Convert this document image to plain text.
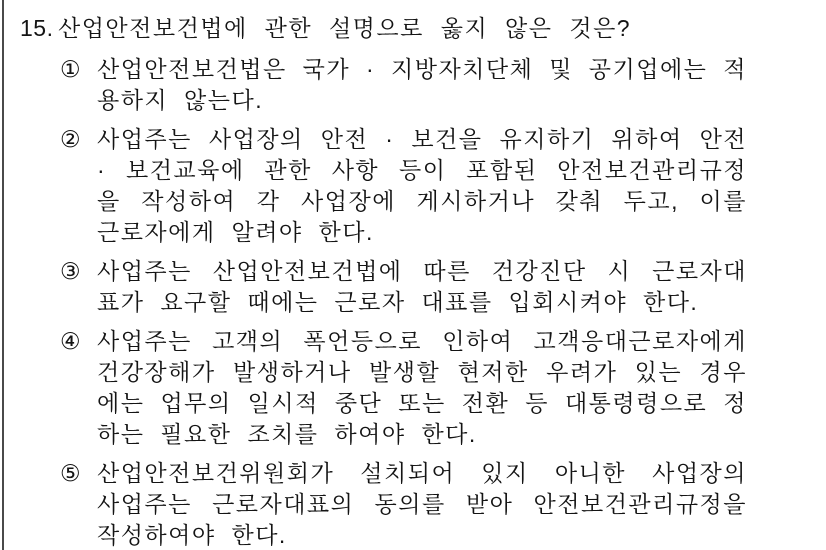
15. 산업안전보건법에 관한 설명으로 옳지 않은 것은?
① 산업안전보건법은 국가 · 지방자치단체 및 공기업에는 적
용하지 않는다.
② 사업주는 사업장의 안전 · 보건을 유지하기 위하여 안전
· 보건교육에 관한 사항 등이 포함된 안전보건관리규정
을 작성하여 각 사업장에 게시하거나 갖춰 두고, 이를
근로자에게 알려야 한다.
③ 사업주는 산업안전보건법에 따른 건강진단 시 근로자대
표가 요구할 때에는 근로자 대표를 입회시켜야 한다.
④ 사업주는 고객의 폭언등으로 인하여 고객응대근로자에게
건강장해가 발생하거나 발생할 현저한 우려가 있는 경우
에는 업무의 일시적 중단 또는 전환 등 대통령령으로 정
하는 필요한 조치를 하여야 한다.
⑤ 산업안전보건위원회가 설치되어 있지 아니한 사업장의
사업주는 근로자대표의 동의를 받아 안전보건관리규정을
작성하여야 한다.
